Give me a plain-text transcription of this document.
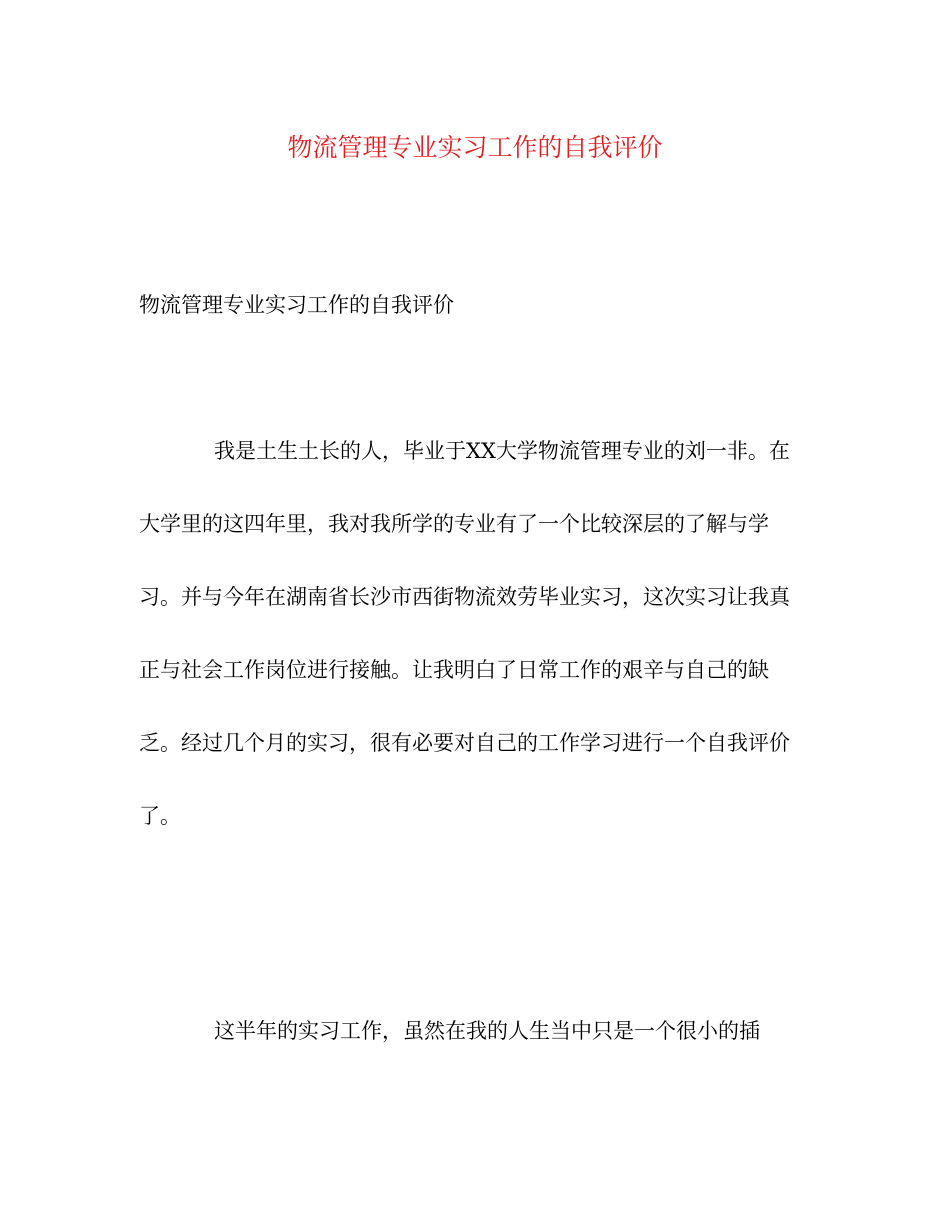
物流管理专业实习工作的自我评价
物流管理专业实习工作的自我评价
我是土生土长的人，毕业于XX大学物流管理专业的刘一非。在
大学里的这四年里，我对我所学的专业有了一个比较深层的了解与学
习。并与今年在湖南省长沙市西街物流效劳毕业实习，这次实习让我真
正与社会工作岗位进行接触。让我明白了日常工作的艰辛与自己的缺
乏。经过几个月的实习，很有必要对自己的工作学习进行一个自我评价
了。
这半年的实习工作，虽然在我的人生当中只是一个很小的插
